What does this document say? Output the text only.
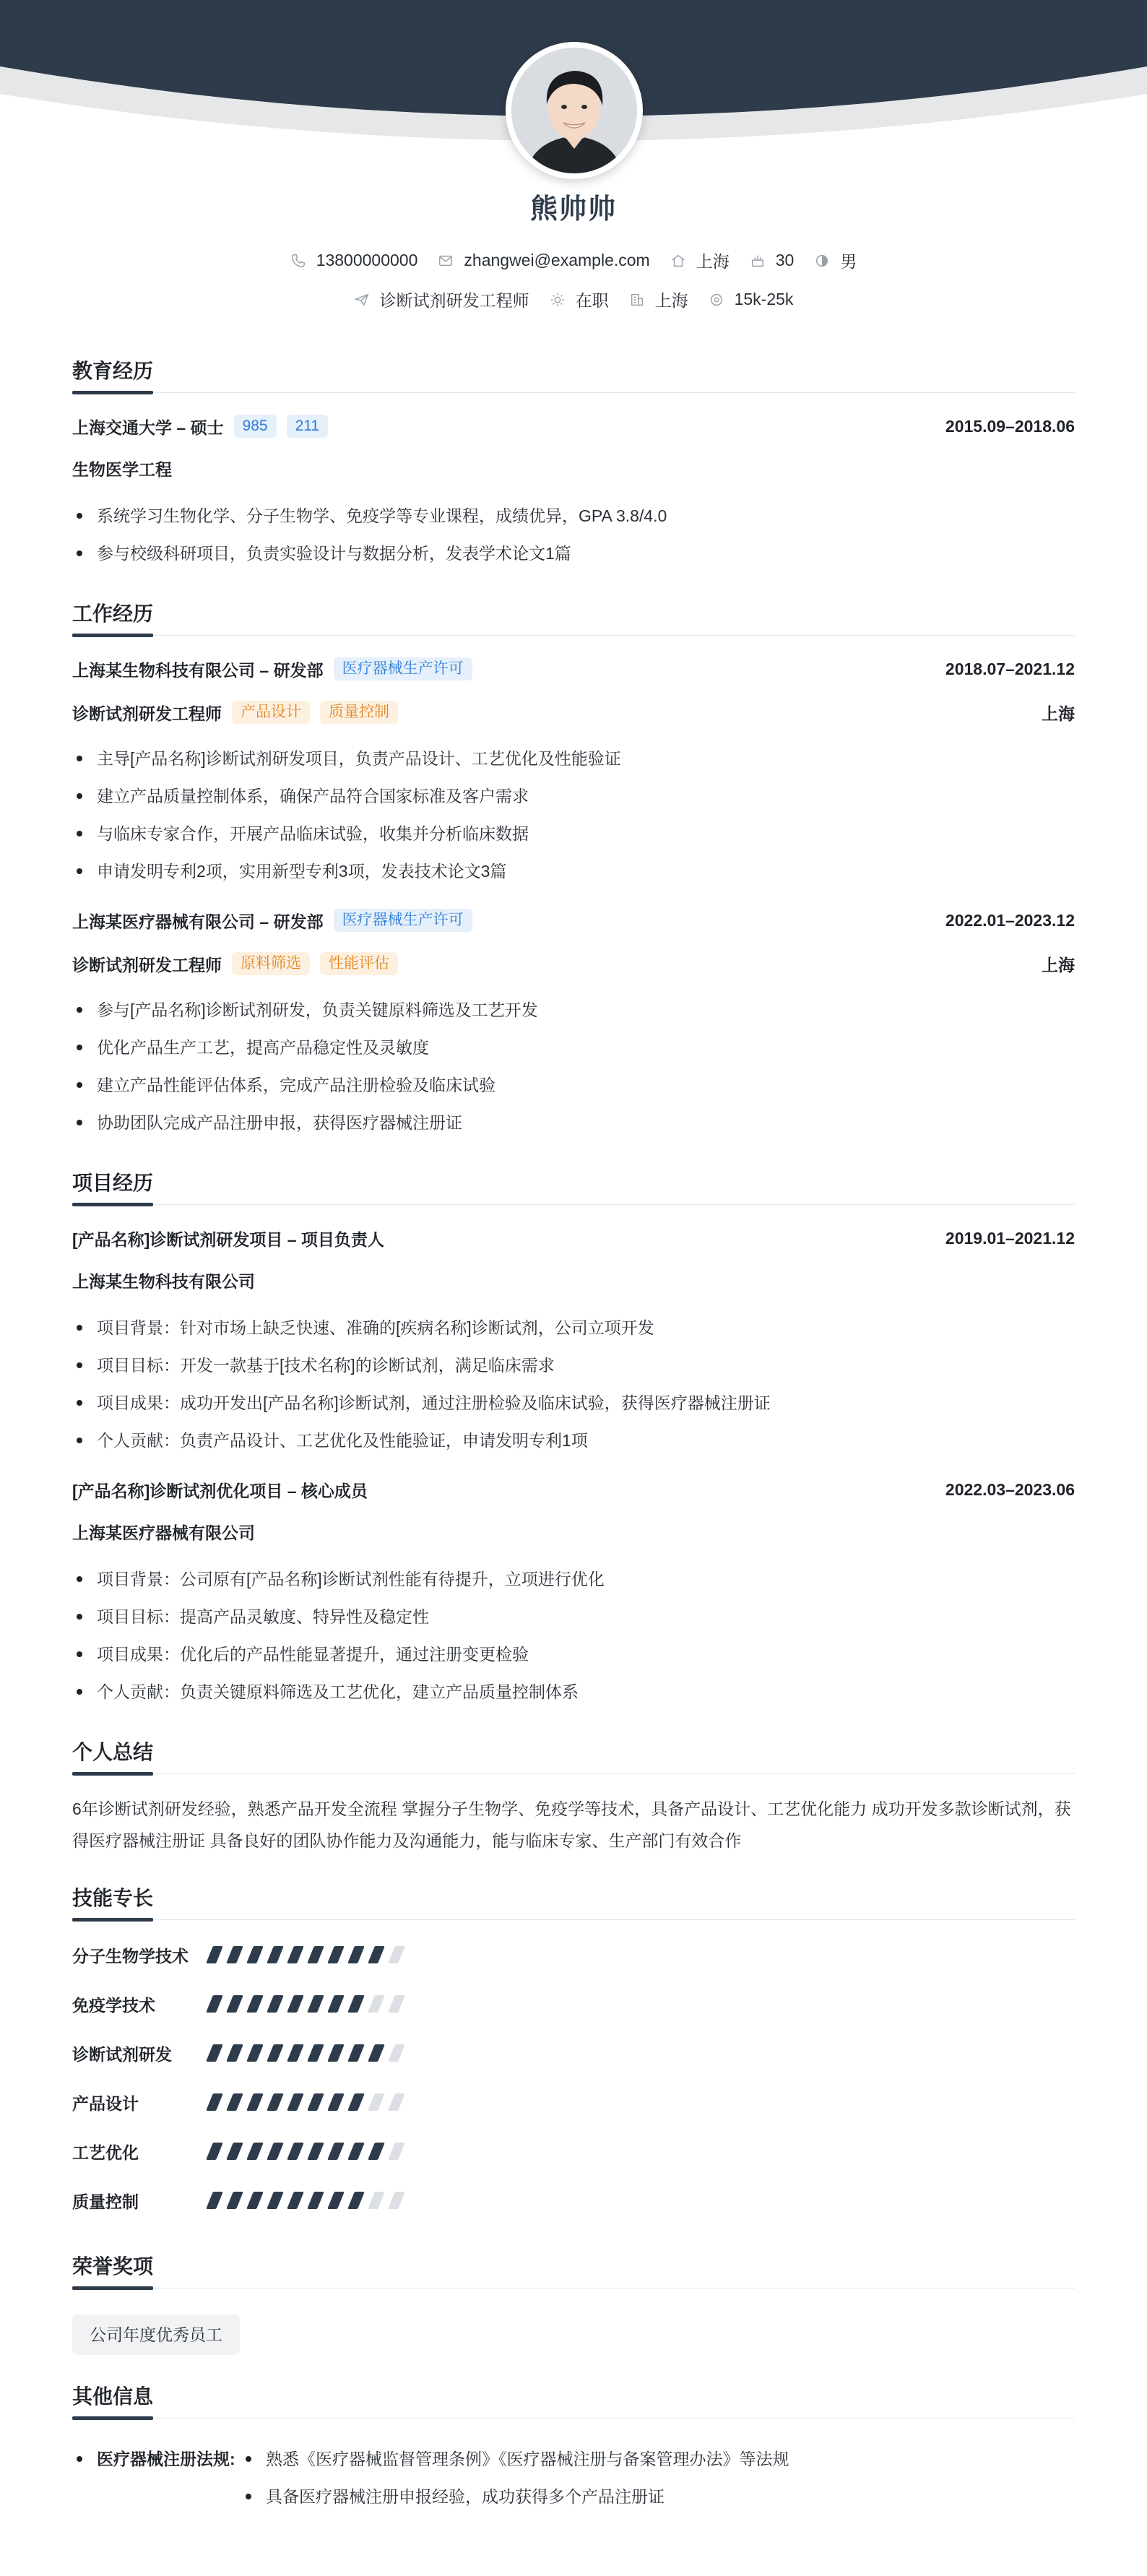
熊帅帅
13800000000	zhangwei@example.com	上海	30	男
诊断试剂研发工程师	在职	上海	15k-25k
教育经历
上海交通大学 – 硕士	985	211	2015.09–2018.06
生物医学工程
系统学习生物化学、分子生物学、免疫学等专业课程，成绩优异，GPA 3.8/4.0
参与校级科研项目，负责实验设计与数据分析，发表学术论文1篇
工作经历
上海某生物科技有限公司 – 研发部	医疗器械生产许可	2018.07–2021.12
诊断试剂研发工程师	产品设计	质量控制	上海
主导[产品名称]诊断试剂研发项目，负责产品设计、工艺优化及性能验证
建立产品质量控制体系，确保产品符合国家标准及客户需求
与临床专家合作，开展产品临床试验，收集并分析临床数据
申请发明专利2项，实用新型专利3项，发表技术论文3篇
上海某医疗器械有限公司 – 研发部	医疗器械生产许可	2022.01–2023.12
诊断试剂研发工程师	原料筛选	性能评估	上海
参与[产品名称]诊断试剂研发，负责关键原料筛选及工艺开发
优化产品生产工艺，提高产品稳定性及灵敏度
建立产品性能评估体系，完成产品注册检验及临床试验
协助团队完成产品注册申报，获得医疗器械注册证
项目经历
[产品名称]诊断试剂研发项目 – 项目负责人	2019.01–2021.12
上海某生物科技有限公司
项目背景：针对市场上缺乏快速、准确的[疾病名称]诊断试剂，公司立项开发
项目目标：开发一款基于[技术名称]的诊断试剂，满足临床需求
项目成果：成功开发出[产品名称]诊断试剂，通过注册检验及临床试验，获得医疗器械注册证
个人贡献：负责产品设计、工艺优化及性能验证，申请发明专利1项
[产品名称]诊断试剂优化项目 – 核心成员	2022.03–2023.06
上海某医疗器械有限公司
项目背景：公司原有[产品名称]诊断试剂性能有待提升，立项进行优化
项目目标：提高产品灵敏度、特异性及稳定性
项目成果：优化后的产品性能显著提升，通过注册变更检验
个人贡献：负责关键原料筛选及工艺优化，建立产品质量控制体系
个人总结
6年诊断试剂研发经验，熟悉产品开发全流程 掌握分子生物学、免疫学等技术，具备产品设计、工艺优化能力 成功开发多款诊断试剂，获得医疗器械注册证 具备良好的团队协作能力及沟通能力，能与临床专家、生产部门有效合作
技能专长
分子生物学技术
免疫学技术
诊断试剂研发
产品设计
工艺优化
质量控制
荣誉奖项
公司年度优秀员工
其他信息
医疗器械注册法规:	熟悉《医疗器械监督管理条例》《医疗器械注册与备案管理办法》等法规
具备医疗器械注册申报经验，成功获得多个产品注册证
